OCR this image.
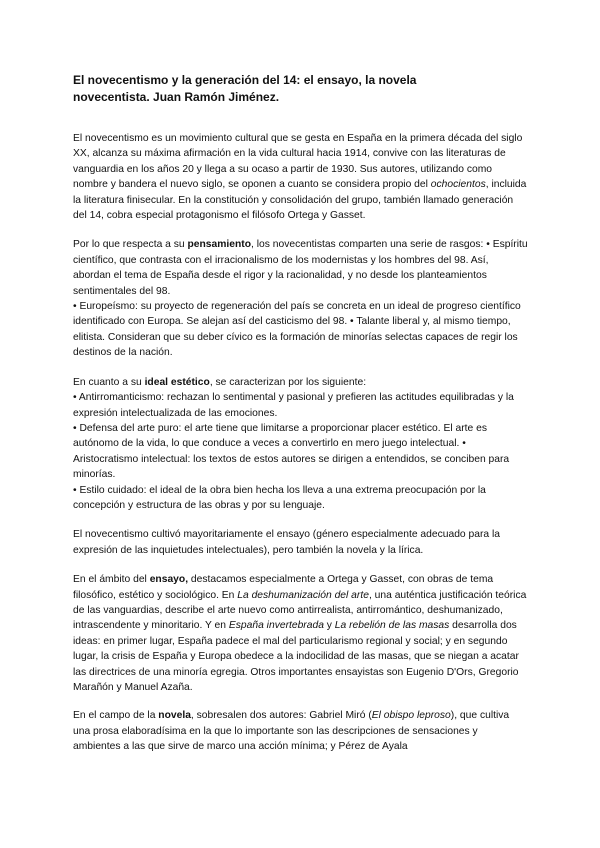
El novecentismo y la generación del 14: el ensayo, la novela
novecentista. Juan Ramón Jiménez.

El novecentismo es un movimiento cultural que se gesta en España en la primera década del siglo XX, alcanza su máxima afirmación en la vida cultural hacia 1914, convive con las literaturas de vanguardia en los años 20 y llega a su ocaso a partir de 1930. Sus autores, utilizando como nombre y bandera el nuevo siglo, se oponen a cuanto se considera propio del ochocientos, incluida la literatura finisecular. En la constitución y consolidación del grupo, también llamado generación del 14, cobra especial protagonismo el filósofo Ortega y Gasset.

Por lo que respecta a su pensamiento, los novecentistas comparten una serie de rasgos: • Espíritu científico, que contrasta con el irracionalismo de los modernistas y los hombres del 98. Así, abordan el tema de España desde el rigor y la racionalidad, y no desde los planteamientos sentimentales del 98.
• Europeísmo: su proyecto de regeneración del país se concreta en un ideal de progreso científico identificado con Europa. Se alejan así del casticismo del 98. • Talante liberal y, al mismo tiempo, elitista. Consideran que su deber cívico es la formación de minorías selectas capaces de regir los destinos de la nación.

En cuanto a su ideal estético, se caracterizan por los siguiente:
• Antirromanticismo: rechazan lo sentimental y pasional y prefieren las actitudes equilibradas y la expresión intelectualizada de las emociones.
• Defensa del arte puro: el arte tiene que limitarse a proporcionar placer estético. El arte es autónomo de la vida, lo que conduce a veces a convertirlo en mero juego intelectual. • Aristocratismo intelectual: los textos de estos autores se dirigen a entendidos, se conciben para minorías.
• Estilo cuidado: el ideal de la obra bien hecha los lleva a una extrema preocupación por la concepción y estructura de las obras y por su lenguaje.

El novecentismo cultivó mayoritariamente el ensayo (género especialmente adecuado para la expresión de las inquietudes intelectuales), pero también la novela y la lírica.

En el ámbito del ensayo, destacamos especialmente a Ortega y Gasset, con obras de tema filosófico, estético y sociológico. En La deshumanización del arte, una auténtica justificación teórica de las vanguardias, describe el arte nuevo como antirrealista, antirromántico, deshumanizado, intrascendente y minoritario. Y en España invertebrada y La rebelión de las masas desarrolla dos ideas: en primer lugar, España padece el mal del particularismo regional y social; y en segundo lugar, la crisis de España y Europa obedece a la indocilidad de las masas, que se niegan a acatar las directrices de una minoría egregia. Otros importantes ensayistas son Eugenio D'Ors, Gregorio Marañón y Manuel Azaña.

En el campo de la novela, sobresalen dos autores: Gabriel Miró (El obispo leproso), que cultiva una prosa elaboradísima en la que lo importante son las descripciones de sensaciones y ambientes a las que sirve de marco una acción mínima; y Pérez de Ayala
